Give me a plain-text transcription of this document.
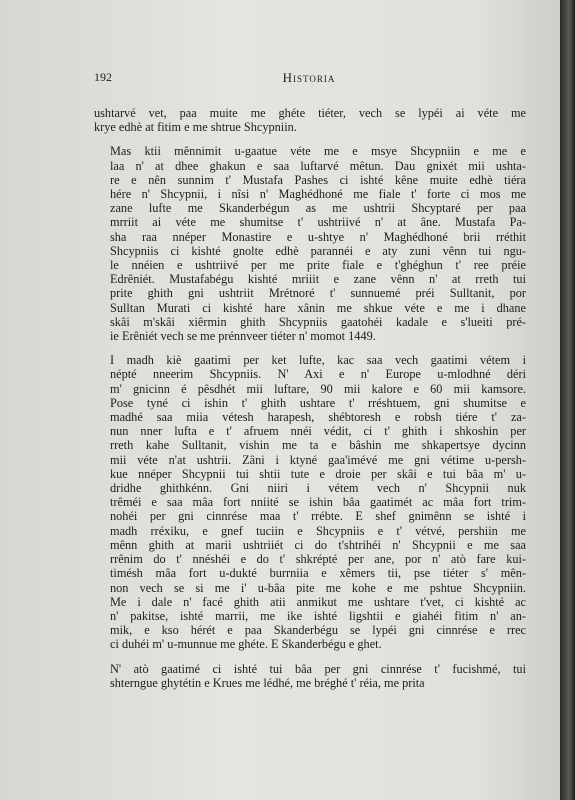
192	Historia
ushtarvé vet, paa muite me ghéte tiéter, vech se lypéi ai véte me
krye edhè at fitim e me shtrue Shcypniin.
Mas ktii mênnimit u-gaatue véte me e msye Shcypniin e me e
laa n' at dhee ghakun e saa luftarvé mêtun. Dau gnixét mii ushta-
re e nên sunnim t' Mustafa Pashes ci ishté kêne muite edhè tiéra
hére n' Shcypnii, i nîsi n' Maghédhoné me fiale t' forte ci mos me
zane lufte me Skanderbégun as me ushtrii Shcyptaré per paa
mrriit ai véte me shumitse t' ushtriivé n' at âne. Mustafa Pa-
sha raa nnéper Monastire e u-shtye n' Maghédhoné brii rréthit
Shcypniis ci kishté gnolte edhè parannéi e aty zuni vênn tui ngu-
le nnéien e ushtriivé per me prite fiale e t'ghéghun t' ree préie
Edrêniét. Mustafabégu kishté mriiit e zane vênn n' at rreth tui
prite ghith gni ushtriit Mrétnoré t' sunnuemé préi Sulltanit, por
Sulltan Murati ci kishté hare xânin me shkue véte e me i dhane
skâi m'skâi xiêrmin ghith Shcypniis gaatohéi kadale e s'lueiti pré-
ie Erêniét vech se me prénnveer tiéter n' momot 1449.
I madh kiè gaatimi per ket lufte, kac saa vech gaatimi vétem i
népté nneerim Shcypniis. N' Axi e n' Europe u-mlodhné déri
m' gnicinn é pêsdhét mii luftare, 90 mii kalore e 60 mii kamsore.
Pose tyné ci ishin t' ghith ushtare t' rréshtuem, gni shumitse e
madhé saa miia vétesh harapesh, shébtoresh e robsh tiére t' za-
nun nner lufta e t' afruem nnéi védit, ci t' ghith i shkoshin per
rreth kahe Sulltanit, vishin me ta e bâshin me shkapertsye dycinn
mii véte n'at ushtrii. Zâni i ktyné gaa'imévé me gni vétime u-persh-
kue nnéper Shcypnii tui shtii tute e droie per skâi e tui bâa m' u-
dridhe ghithkénn. Gni niiri i vétem vech n' Shcypnii nuk
trêméi e saa mâa fort nniité se ishin bâa gaatimét ac mâa fort trim-
nohéi per gni cinnrése maa t' rrébte. E shef gnimênn se ishté i
madh rréxiku, e gnef tuciin e Shcypniis e t' vétvé, pershiin me
mênn ghith at marii ushtriiét ci do t'shtrihéi n' Shcypnii e me saa
rrênim do t' nnéshéi e do t' shkrépté per ane, por n' atò fare kui-
timésh mâa fort u-dukté burrniia e xêmers tii, pse tiéter s' mên-
non vech se si me i' u-bâa pite me kohe e me pshtue Shcypniin.
Me i dale n' facé ghith atii anmikut me ushtare t'vet, ci kishté ac
n' pakitse, ishté marrii, me ike ishté ligshtii e giahéi fitim n' an-
mik, e kso hérét e paa Skanderbégu se lypéi gni cinnrése e rrec
ci duhéi m' u-munnue me ghéte. E Skanderbégu e ghet.
N' atò gaatimé ci ishté tui bâa per gni cinnrése t' fucishmé, tui
shterngue ghytétin e Krues me lédhé, me bréghé t' réia, me prita
